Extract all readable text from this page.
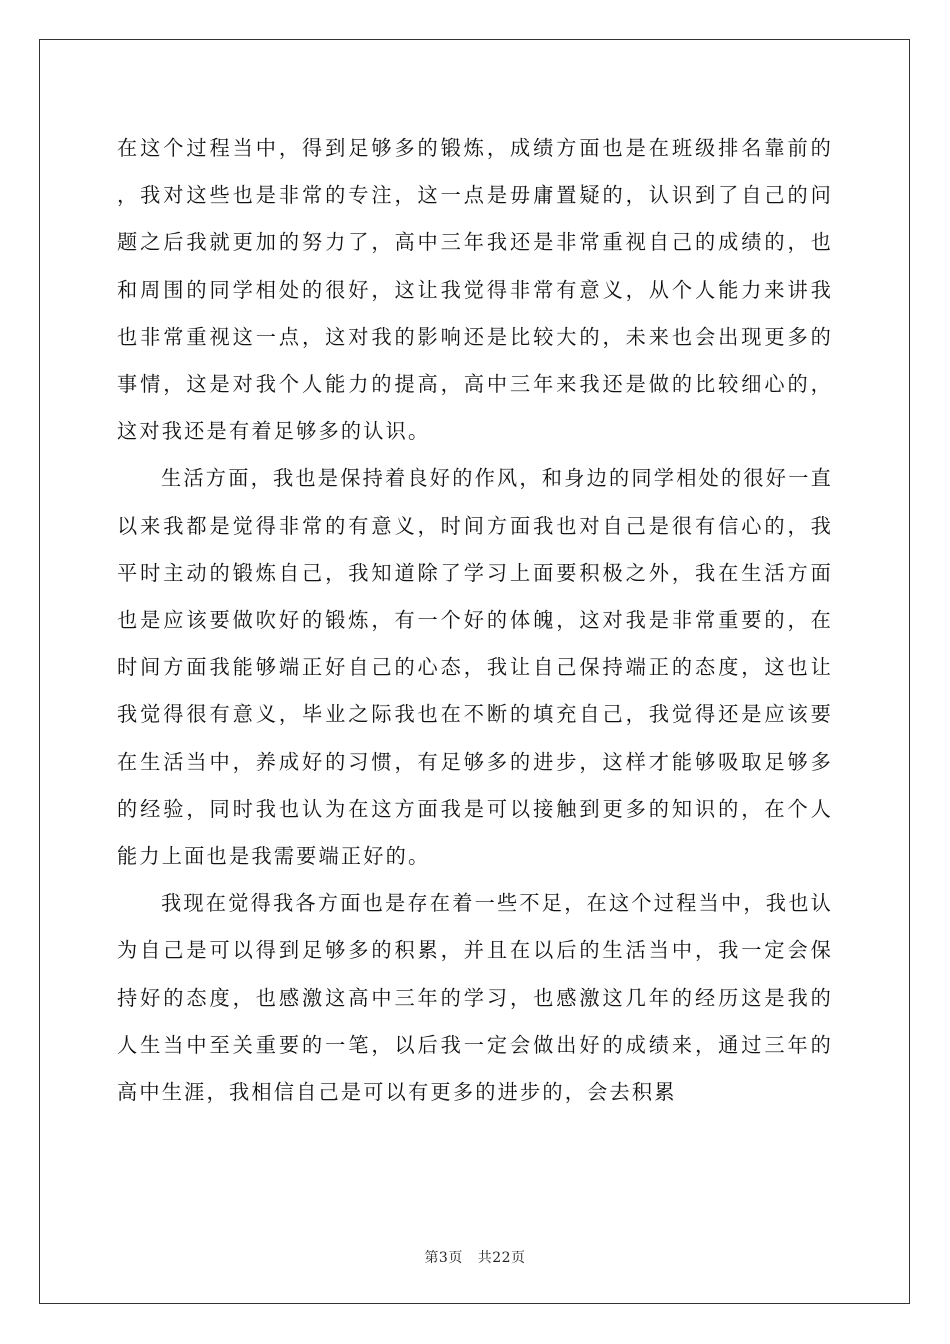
在这个过程当中，得到足够多的锻炼，成绩方面也是在班级排名靠前的，我对这些也是非常的专注，这一点是毋庸置疑的，认识到了自己的问题之后我就更加的努力了，高中三年我还是非常重视自己的成绩的，也和周围的同学相处的很好，这让我觉得非常有意义，从个人能力来讲我也非常重视这一点，这对我的影响还是比较大的，未来也会出现更多的事情，这是对我个人能力的提高，高中三年来我还是做的比较细心的，这对我还是有着足够多的认识。

生活方面，我也是保持着良好的作风，和身边的同学相处的很好一直以来我都是觉得非常的有意义，时间方面我也对自己是很有信心的，我平时主动的锻炼自己，我知道除了学习上面要积极之外，我在生活方面也是应该要做吹好的锻炼，有一个好的体魄，这对我是非常重要的，在时间方面我能够端正好自己的心态，我让自己保持端正的态度，这也让我觉得很有意义，毕业之际我也在不断的填充自己，我觉得还是应该要在生活当中，养成好的习惯，有足够多的进步，这样才能够吸取足够多的经验，同时我也认为在这方面我是可以接触到更多的知识的，在个人能力上面也是我需要端正好的。

我现在觉得我各方面也是存在着一些不足，在这个过程当中，我也认为自己是可以得到足够多的积累，并且在以后的生活当中，我一定会保持好的态度，也感激这高中三年的学习，也感激这几年的经历这是我的人生当中至关重要的一笔，以后我一定会做出好的成绩来，通过三年的高中生涯，我相信自己是可以有更多的进步的，会去积累

第3页 共22页
